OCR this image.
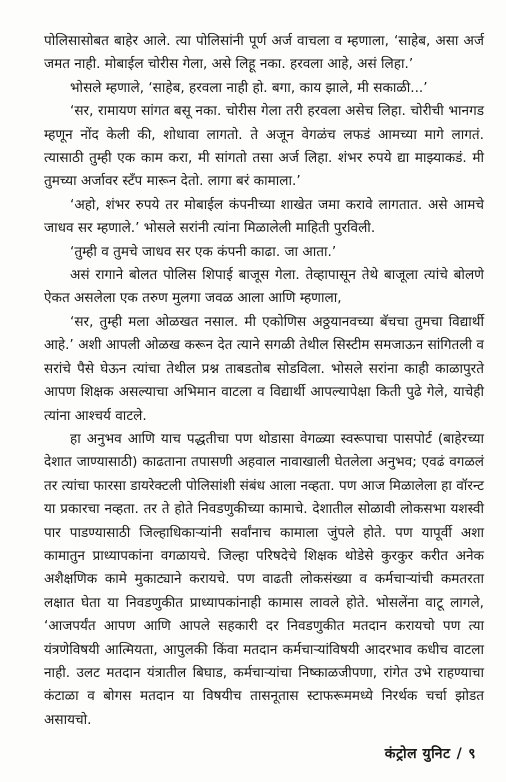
पोलिसासोबत बाहेर आले. त्या पोलिसांनी पूर्ण अर्ज वाचला व म्हणाला, ‘साहेब, असा अर्ज जमत नाही. मोबाईल चोरीस गेला, असे लिहू नका. हरवला आहे, असं लिहा.’

भोसले म्हणाले, ‘साहेब, हरवला नाही हो. बगा, काय झाले, मी सकाळी...’

‘सर, रामायण सांगत बसू नका. चोरीस गेला तरी हरवला असेच लिहा. चोरीची भानगड म्हणून नोंद केली की, शोधावा लागतो. ते अजून वेगळंच लफडं आमच्या मागे लागतं. त्यासाठी तुम्ही एक काम करा, मी सांगतो तसा अर्ज लिहा. शंभर रुपये द्या माझ्याकडं. मी तुमच्या अर्जावर स्टॅंप मारून देतो. लागा बरं कामाला.’

‘अहो, शंभर रुपये तर मोबाईल कंपनीच्या शाखेत जमा करावे लागतात. असे आमचे जाधव सर म्हणाले.’ भोसले सरांनी त्यांना मिळालेली माहिती पुरविली.

‘तुम्ही व तुमचे जाधव सर एक कंपनी काढा. जा आता.’

असं रागाने बोलत पोलिस शिपाई बाजूस गेला. तेव्हापासून तेथे बाजूला त्यांचे बोलणे ऐकत असलेला एक तरुण मुलगा जवळ आला आणि म्हणाला,

‘सर, तुम्ही मला ओळखत नसाल. मी एकोणिस अठ्ठयानवच्या बॅचचा तुमचा विद्यार्थी आहे.’ अशी आपली ओळख करून देत त्याने सगळी तेथील सिस्टीम समजाऊन सांगितली व सरांचे पैसे घेऊन त्यांचा तेथील प्रश्न ताबडतोब सोडविला. भोसले सरांना काही काळापुरते आपण शिक्षक असल्याचा अभिमान वाटला व विद्यार्थी आपल्यापेक्षा किती पुढे गेले, याचेही त्यांना आश्चर्य वाटले.

हा अनुभव आणि याच पद्धतीचा पण थोडासा वेगळ्या स्वरूपाचा पासपोर्ट (बाहेरच्या देशात जाण्यासाठी) काढताना तपासणी अहवाल नावाखाली घेतलेला अनुभव; एवढं वगळलं तर त्यांचा फारसा डायरेक्टली पोलिसांशी संबंध आला नव्हता. पण आज मिळालेला हा वॉरन्ट या प्रकारचा नव्हता. तर ते होते निवडणुकीच्या कामाचे. देशातील सोळावी लोकसभा यशस्वी पार पाडण्यासाठी जिल्हाधिकाऱ्यांनी सर्वांनाच कामाला जुंपले होते. पण यापूर्वी अशा कामातुन प्राध्यापकांना वगळायचे. जिल्हा परिषदेचे शिक्षक थोडेसे कुरकुर करीत अनेक अशैक्षणिक कामे मुकाट्याने करायचे. पण वाढती लोकसंख्या व कर्मचाऱ्यांची कमतरता लक्षात घेता या निवडणुकीत प्राध्यापकांनाही कामास लावले होते. भोसलेंना वाटू लागले, ‘आजपर्यंत आपण आणि आपले सहकारी दर निवडणुकीत मतदान करायचो पण त्या यंत्रणेविषयी आत्मियता, आपुलकी किंवा मतदान कर्मचाऱ्यांविषयी आदरभाव कधीच वाटला नाही. उलट मतदान यंत्रातील बिघाड, कर्मचाऱ्यांचा निष्काळजीपणा, रांगेत उभे राहण्याचा कंटाळा व बोगस मतदान या विषयीच तासनूतास स्टाफरूममध्ये निरर्थक चर्चा झोडत असायचो.

कंट्रोल युनिट / ९
